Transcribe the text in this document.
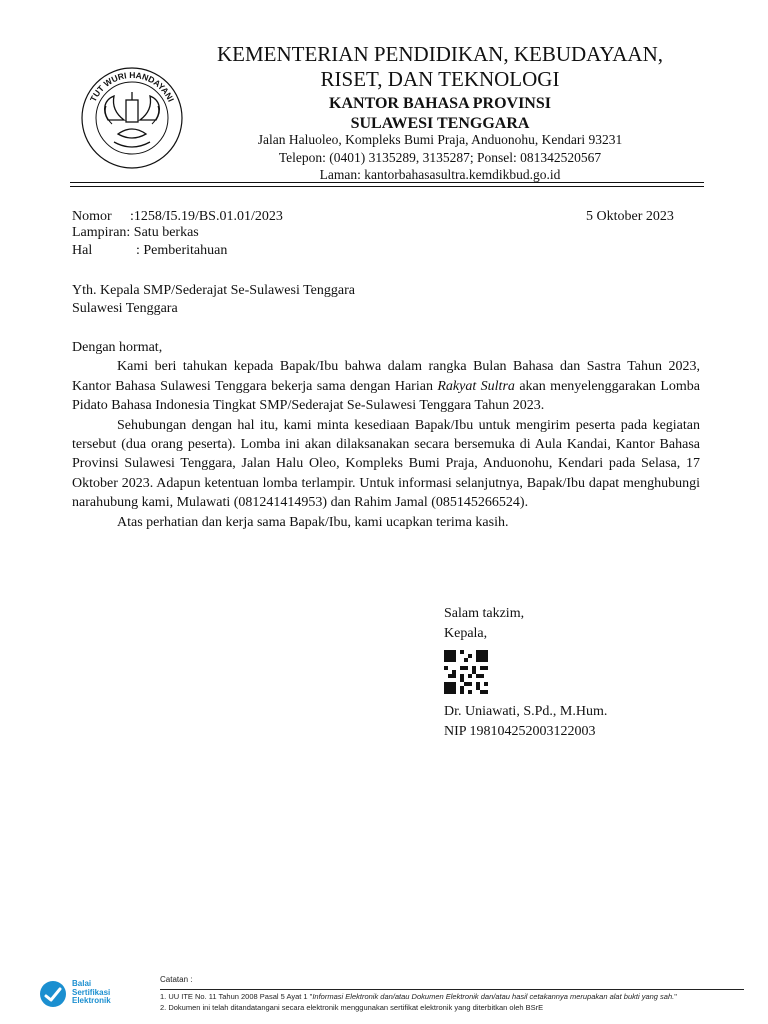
TUT WURI HANDAYANI
KEMENTERIAN PENDIDIKAN, KEBUDAYAAN,
RISET, DAN TEKNOLOGI
KANTOR BAHASA PROVINSI
SULAWESI TENGGARA
Jalan Haluoleo, Kompleks Bumi Praja, Anduonohu, Kendari 93231
Telepon: (0401) 3135289, 3135287; Ponsel: 081342520567
Laman: kantorbahasasultra.kemdikbud.go.id
Nomor :1258/I5.19/BS.01.01/2023
Lampiran: Satu berkas
Hal	: Pemberitahuan
5 Oktober 2023
Yth. Kepala SMP/Sederajat Se-Sulawesi Tenggara
Sulawesi Tenggara

Dengan hormat,

Kami beri tahukan kepada Bapak/Ibu bahwa dalam rangka Bulan Bahasa dan Sastra Tahun 2023, Kantor Bahasa Sulawesi Tenggara bekerja sama dengan Harian Rakyat Sultra akan menyelenggarakan Lomba Pidato Bahasa Indonesia Tingkat SMP/Sederajat Se-Sulawesi Tenggara Tahun 2023.

Sehubungan dengan hal itu, kami minta kesediaan Bapak/Ibu untuk mengirim peserta pada kegiatan tersebut (dua orang peserta). Lomba ini akan dilaksanakan secara bersemuka di Aula Kandai, Kantor Bahasa Provinsi Sulawesi Tenggara, Jalan Halu Oleo, Kompleks Bumi Praja, Anduonohu, Kendari pada Selasa, 17 Oktober 2023. Adapun ketentuan lomba terlampir. Untuk informasi selanjutnya, Bapak/Ibu dapat menghubungi narahubung kami, Mulawati (081241414953) dan Rahim Jamal (085145266524).

Atas perhatian dan kerja sama Bapak/Ibu, kami ucapkan terima kasih.

Salam takzim,
Kepala,
Dr. Uniawati, S.Pd., M.Hum.
NIP 198104252003122003
Balai
Sertifikasi
Elektronik
Catatan :
1. UU ITE No. 11 Tahun 2008 Pasal 5 Ayat 1 "Informasi Elektronik dan/atau Dokumen Elektronik dan/atau hasil cetakannya merupakan alat bukti yang sah."
2. Dokumen ini telah ditandatangani secara elektronik menggunakan sertifikat elektronik yang diterbitkan oleh BSrE
